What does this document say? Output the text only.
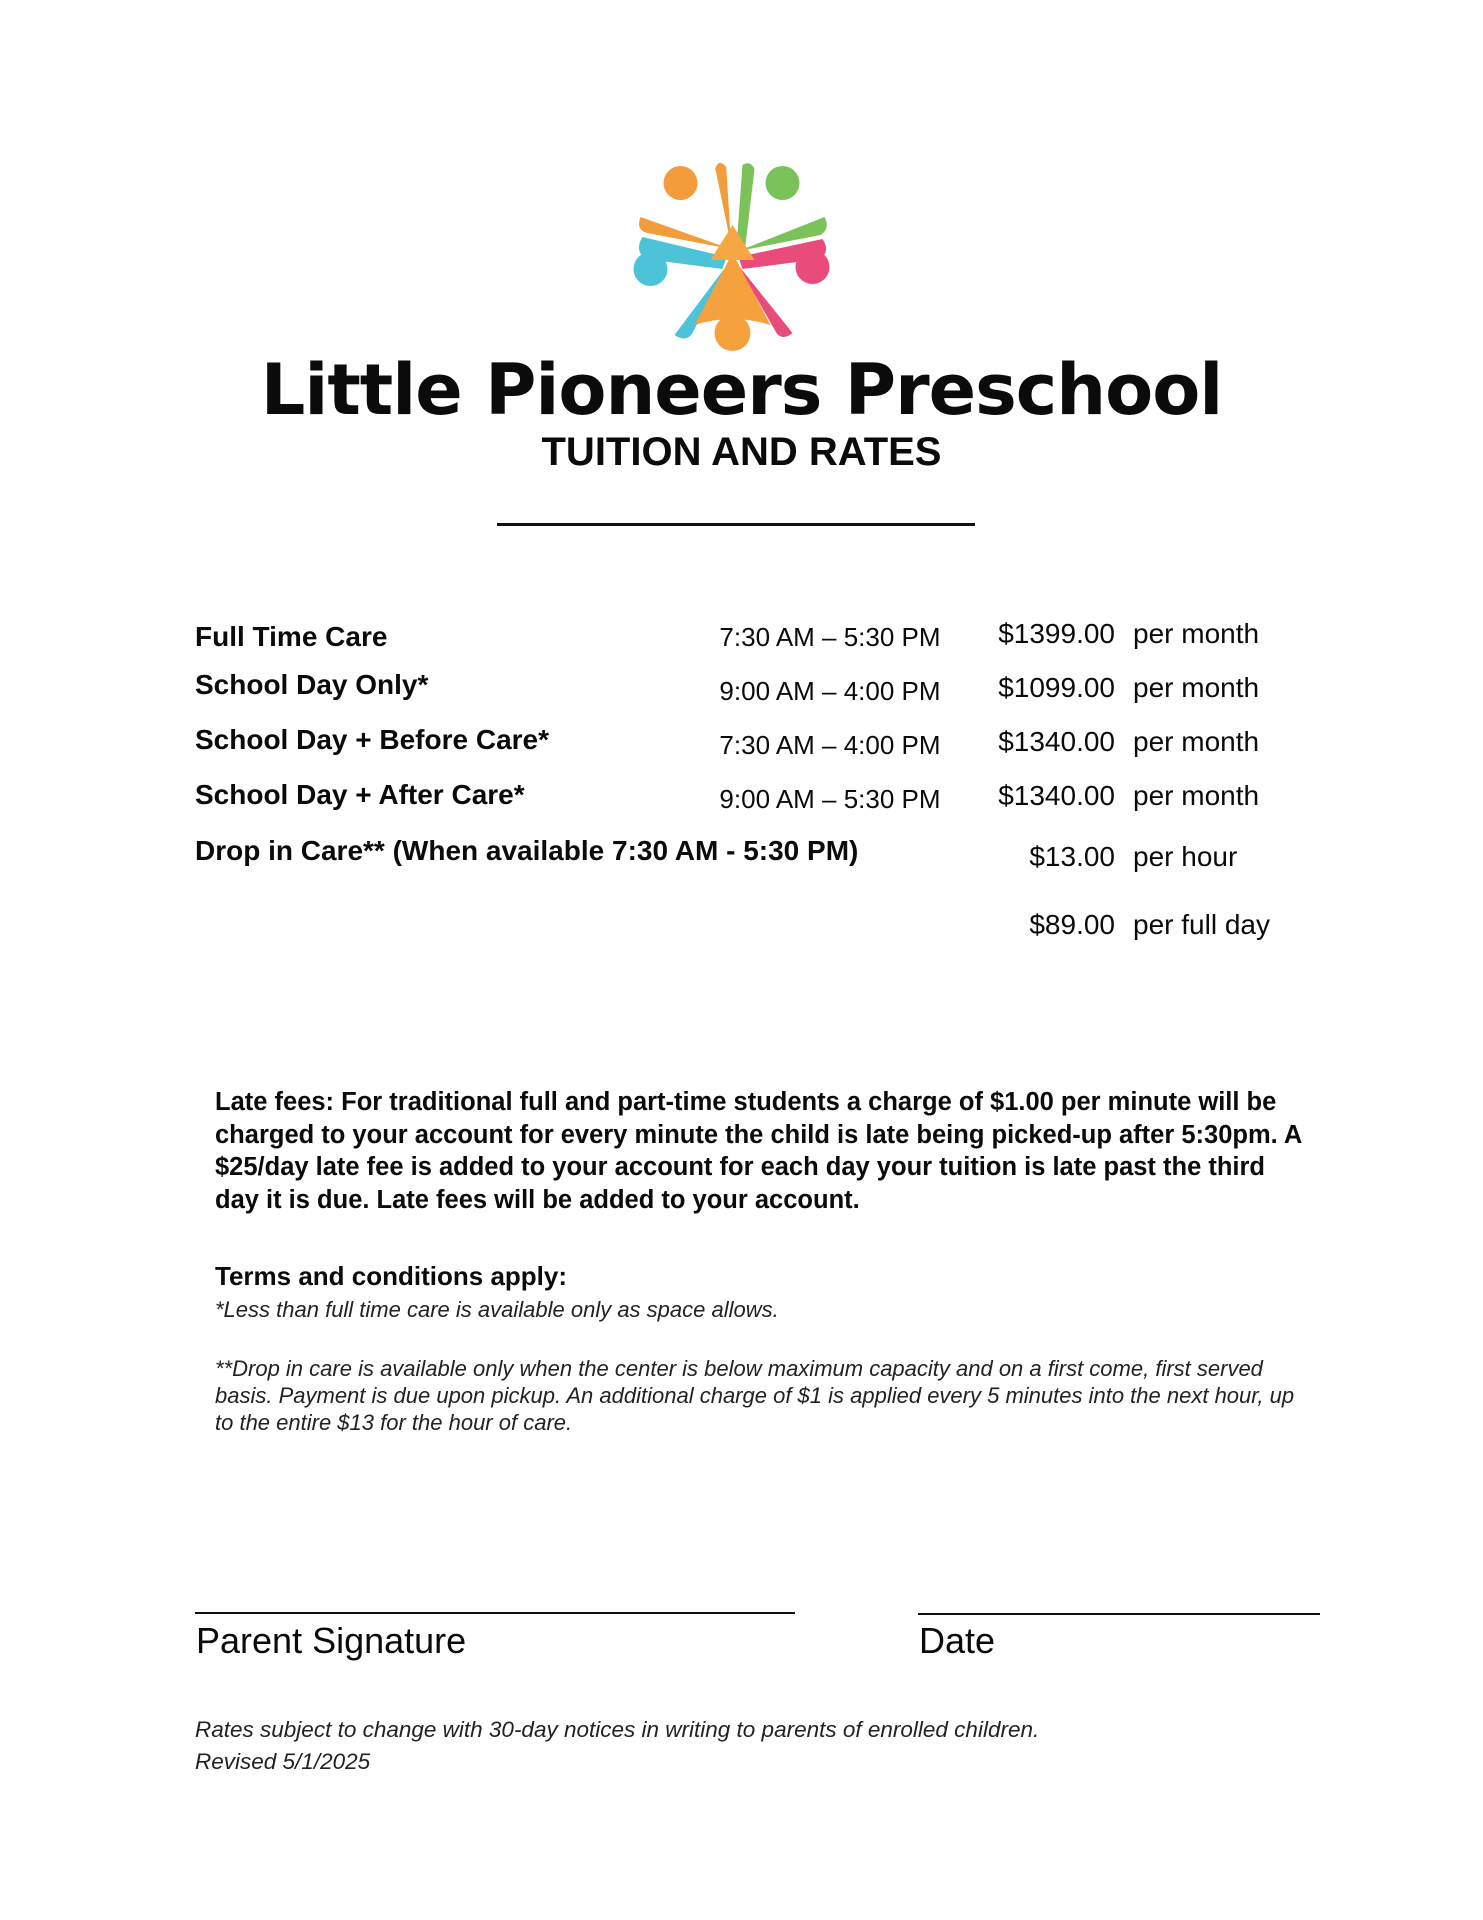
Little Pioneers Preschool
TUITION AND RATES
Full Time Care	7:30 AM – 5:30 PM	$1399.00 per month
School Day Only*	9:00 AM – 4:00 PM	$1099.00 per month
School Day + Before Care*	7:30 AM – 4:00 PM	$1340.00 per month
School Day + After Care*	9:00 AM – 5:30 PM	$1340.00 per month
Drop in Care** (When available 7:30 AM - 5:30 PM)	$13.00 per hour
$89.00 per full day
Late fees: For traditional full and part-time students a charge of $1.00 per minute will be charged to your account for every minute the child is late being picked-up after 5:30pm. A $25/day late fee is added to your account for each day your tuition is late past the third day it is due. Late fees will be added to your account.
Terms and conditions apply:
*Less than full time care is available only as space allows.
**Drop in care is available only when the center is below maximum capacity and on a first come, first served basis. Payment is due upon pickup. An additional charge of $1 is applied every 5 minutes into the next hour, up to the entire $13 for the hour of care.
Parent Signature	Date
Rates subject to change with 30-day notices in writing to parents of enrolled children.
Revised 5/1/2025
